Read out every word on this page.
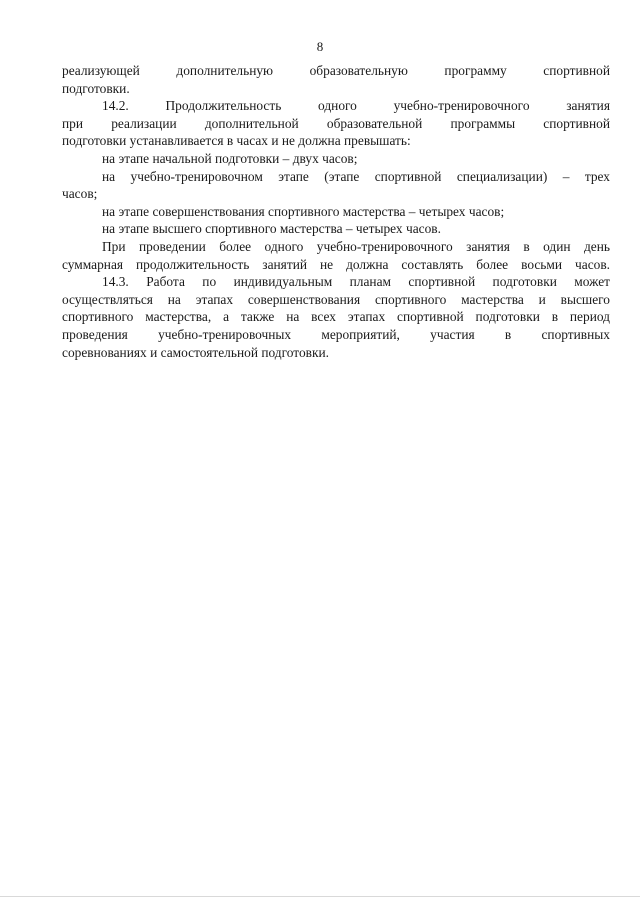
8
реализующей дополнительную образовательную программу спортивной
подготовки.
14.2. Продолжительность одного учебно-тренировочного занятия
при реализации дополнительной образовательной программы спортивной
подготовки устанавливается в часах и не должна превышать:
на этапе начальной подготовки – двух часов;
на учебно-тренировочном этапе (этапе спортивной специализации) – трех
часов;
на этапе совершенствования спортивного мастерства – четырех часов;
на этапе высшего спортивного мастерства – четырех часов.
При проведении более одного учебно-тренировочного занятия в один день
суммарная продолжительность занятий не должна составлять более восьми часов.
14.3. Работа по индивидуальным планам спортивной подготовки может
осуществляться на этапах совершенствования спортивного мастерства и высшего
спортивного мастерства, а также на всех этапах спортивной подготовки в период
проведения учебно-тренировочных мероприятий, участия в спортивных
соревнованиях и самостоятельной подготовки.
